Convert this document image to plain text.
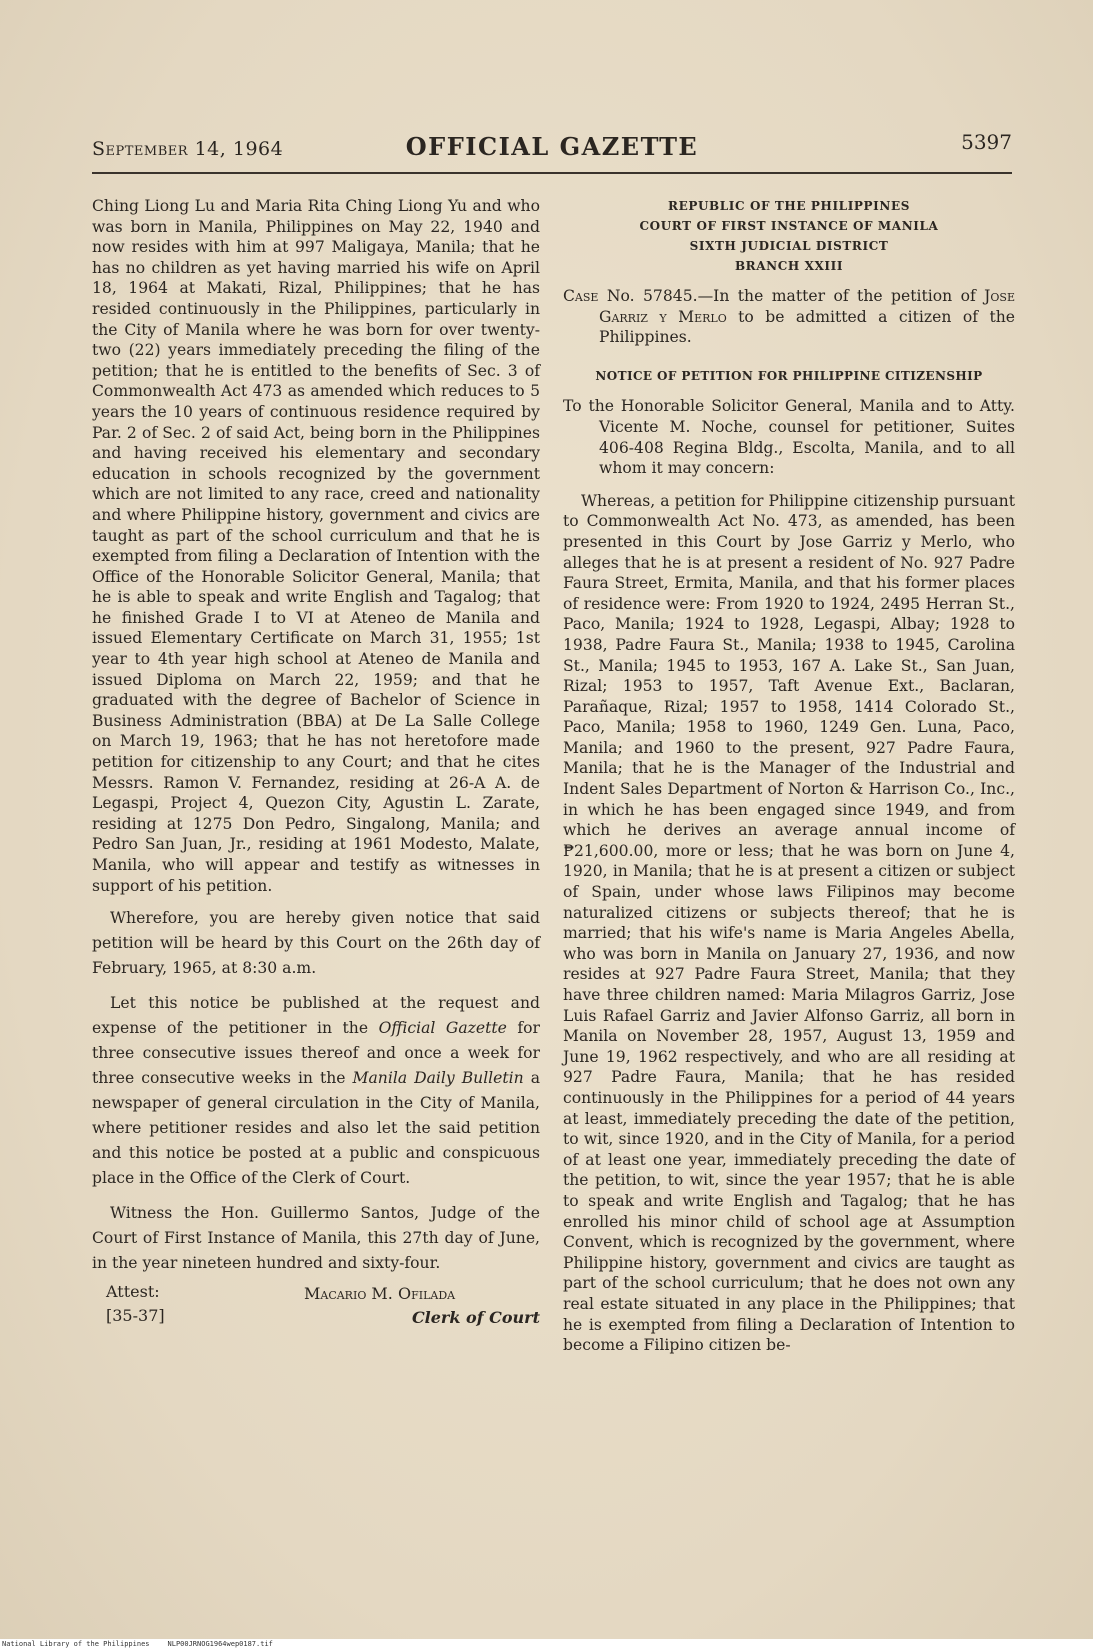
September 14, 1964	OFFICIAL GAZETTE	5397

Ching Liong Lu and Maria Rita Ching Liong Yu and who was born in Manila, Philippines on May 22, 1940 and now resides with him at 997 Maligaya, Manila; that he has no children as yet having married his wife on April 18, 1964 at Makati, Rizal, Philippines; that he has resided continuously in the Philippines, particularly in the City of Manila where he was born for over twenty-two (22) years immediately preceding the filing of the petition; that he is entitled to the benefits of Sec. 3 of Commonwealth Act 473 as amended which reduces to 5 years the 10 years of continuous residence required by Par. 2 of Sec. 2 of said Act, being born in the Philippines and having received his elementary and secondary education in schools recognized by the government which are not limited to any race, creed and nationality and where Philippine history, government and civics are taught as part of the school curriculum and that he is exempted from filing a Declaration of Intention with the Office of the Honorable Solicitor General, Manila; that he is able to speak and write English and Tagalog; that he finished Grade I to VI at Ateneo de Manila and issued Elementary Certificate on March 31, 1955; 1st year to 4th year high school at Ateneo de Manila and issued Diploma on March 22, 1959; and that he graduated with the degree of Bachelor of Science in Business Administration (BBA) at De La Salle College on March 19, 1963; that he has not heretofore made petition for citizenship to any Court; and that he cites Messrs. Ramon V. Fernandez, residing at 26-A A. de Legaspi, Project 4, Quezon City, Agustin L. Zarate, residing at 1275 Don Pedro, Singalong, Manila; and Pedro San Juan, Jr., residing at 1961 Modesto, Malate, Manila, who will appear and testify as witnesses in support of his petition.

Wherefore, you are hereby given notice that said petition will be heard by this Court on the 26th day of February, 1965, at 8:30 a.m.

Let this notice be published at the request and expense of the petitioner in the Official Gazette for three consecutive issues thereof and once a week for three consecutive weeks in the Manila Daily Bulletin a newspaper of general circulation in the City of Manila, where petitioner resides and also let the said petition and this notice be posted at a public and conspicuous place in the Office of the Clerk of Court.

Witness the Hon. Guillermo Santos, Judge of the Court of First Instance of Manila, this 27th day of June, in the year nineteen hundred and sixty-four.

Attest:
[35-37]
Macario M. Ofilada
Clerk of Court
REPUBLIC OF THE PHILIPPINES
COURT OF FIRST INSTANCE OF MANILA
SIXTH JUDICIAL DISTRICT
BRANCH XXIII

Case No. 57845.—In the matter of the petition of Jose Garriz y Merlo to be admitted a citizen of the Philippines.

NOTICE OF PETITION FOR PHILIPPINE CITIZENSHIP

To the Honorable Solicitor General, Manila and to Atty. Vicente M. Noche, counsel for petitioner, Suites 406-408 Regina Bldg., Escolta, Manila, and to all whom it may concern:

Whereas, a petition for Philippine citizenship pursuant to Commonwealth Act No. 473, as amended, has been presented in this Court by Jose Garriz y Merlo, who alleges that he is at present a resident of No. 927 Padre Faura Street, Ermita, Manila, and that his former places of residence were: From 1920 to 1924, 2495 Herran St., Paco, Manila; 1924 to 1928, Legaspi, Albay; 1928 to 1938, Padre Faura St., Manila; 1938 to 1945, Carolina St., Manila; 1945 to 1953, 167 A. Lake St., San Juan, Rizal; 1953 to 1957, Taft Avenue Ext., Baclaran, Parañaque, Rizal; 1957 to 1958, 1414 Colorado St., Paco, Manila; 1958 to 1960, 1249 Gen. Luna, Paco, Manila; and 1960 to the present, 927 Padre Faura, Manila; that he is the Manager of the Industrial and Indent Sales Department of Norton & Harrison Co., Inc., in which he has been engaged since 1949, and from which he derives an average annual income of ₱21,600.00, more or less; that he was born on June 4, 1920, in Manila; that he is at present a citizen or subject of Spain, under whose laws Filipinos may become naturalized citizens or subjects thereof; that he is married; that his wife's name is Maria Angeles Abella, who was born in Manila on January 27, 1936, and now resides at 927 Padre Faura Street, Manila; that they have three children named: Maria Milagros Garriz, Jose Luis Rafael Garriz and Javier Alfonso Garriz, all born in Manila on November 28, 1957, August 13, 1959 and June 19, 1962 respectively, and who are all residing at 927 Padre Faura, Manila; that he has resided continuously in the Philippines for a period of 44 years at least, immediately preceding the date of the petition, to wit, since 1920, and in the City of Manila, for a period of at least one year, immediately preceding the date of the petition, to wit, since the year 1957; that he is able to speak and write English and Tagalog; that he has enrolled his minor child of school age at Assumption Convent, which is recognized by the government, where Philippine history, government and civics are taught as part of the school curriculum; that he does not own any real estate situated in any place in the Philippines; that he is exempted from filing a Declaration of Intention to become a Filipino citizen be-

National Library of the Philippines	NLP00JRNOG1964wep0187.tif
